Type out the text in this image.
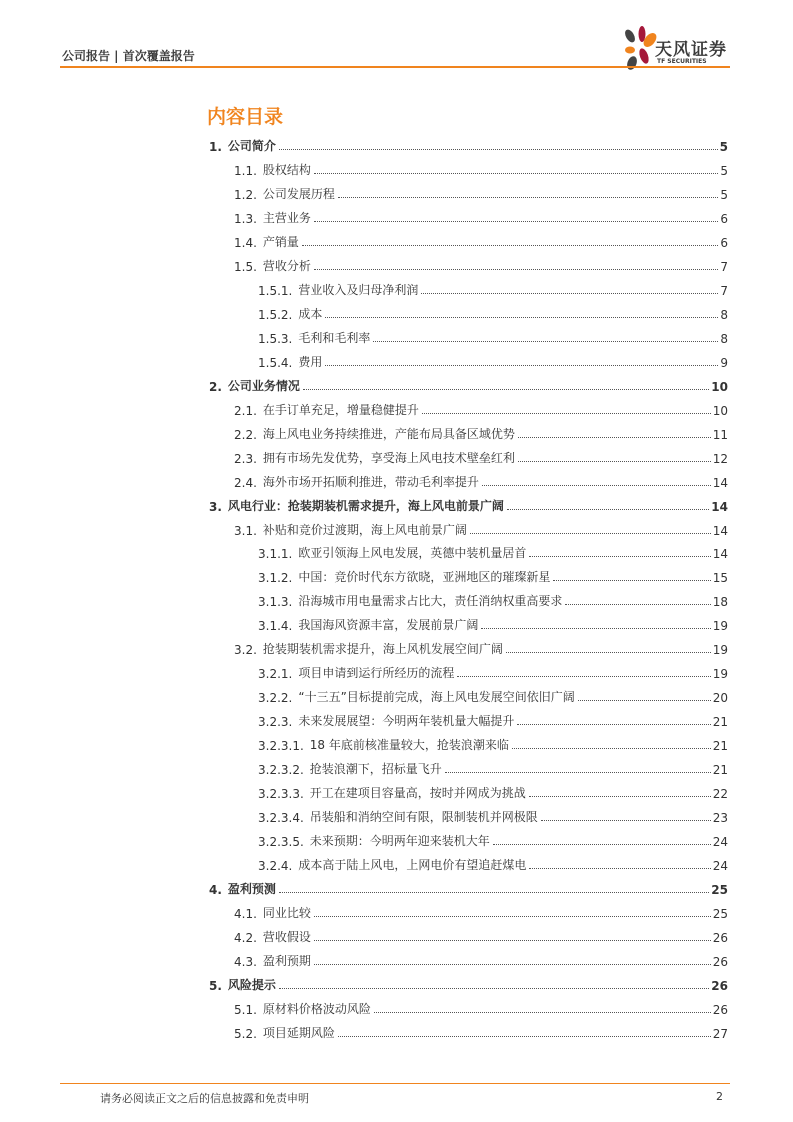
公司报告 | 首次覆盖报告	天风证券
TF SECURITIES
内容目录
1. 公司简介	5
1.1. 股权结构	5
1.2. 公司发展历程	5
1.3. 主营业务	6
1.4. 产销量	6
1.5. 营收分析	7
1.5.1. 营业收入及归母净利润	7
1.5.2. 成本	8
1.5.3. 毛利和毛利率	8
1.5.4. 费用	9
2. 公司业务情况	10
2.1. 在手订单充足，增量稳健提升	10
2.2. 海上风电业务持续推进，产能布局具备区域优势	11
2.3. 拥有市场先发优势，享受海上风电技术壁垒红利	12
2.4. 海外市场开拓顺利推进，带动毛利率提升	14
3. 风电行业：抢装期装机需求提升，海上风电前景广阔	14
3.1. 补贴和竞价过渡期，海上风电前景广阔	14
3.1.1. 欧亚引领海上风电发展，英德中装机量居首	14
3.1.2. 中国：竞价时代东方欲晓，亚洲地区的璀璨新星	15
3.1.3. 沿海城市用电量需求占比大，责任消纳权重高要求	18
3.1.4. 我国海风资源丰富，发展前景广阔	19
3.2. 抢装期装机需求提升，海上风机发展空间广阔	19
3.2.1. 项目申请到运行所经历的流程	19
3.2.2. “十三五”目标提前完成，海上风电发展空间依旧广阔	20
3.2.3. 未来发展展望：今明两年装机量大幅提升	21
3.2.3.1. 18 年底前核准量较大，抢装浪潮来临	21
3.2.3.2. 抢装浪潮下，招标量飞升	21
3.2.3.3. 开工在建项目容量高，按时并网成为挑战	22
3.2.3.4. 吊装船和消纳空间有限，限制装机并网极限	23
3.2.3.5. 未来预期：今明两年迎来装机大年	24
3.2.4. 成本高于陆上风电，上网电价有望追赶煤电	24
4. 盈利预测	25
4.1. 同业比较	25
4.2. 营收假设	26
4.3. 盈利预期	26
5. 风险提示	26
5.1. 原材料价格波动风险	26
5.2. 项目延期风险	27
请务必阅读正文之后的信息披露和免责申明	2
